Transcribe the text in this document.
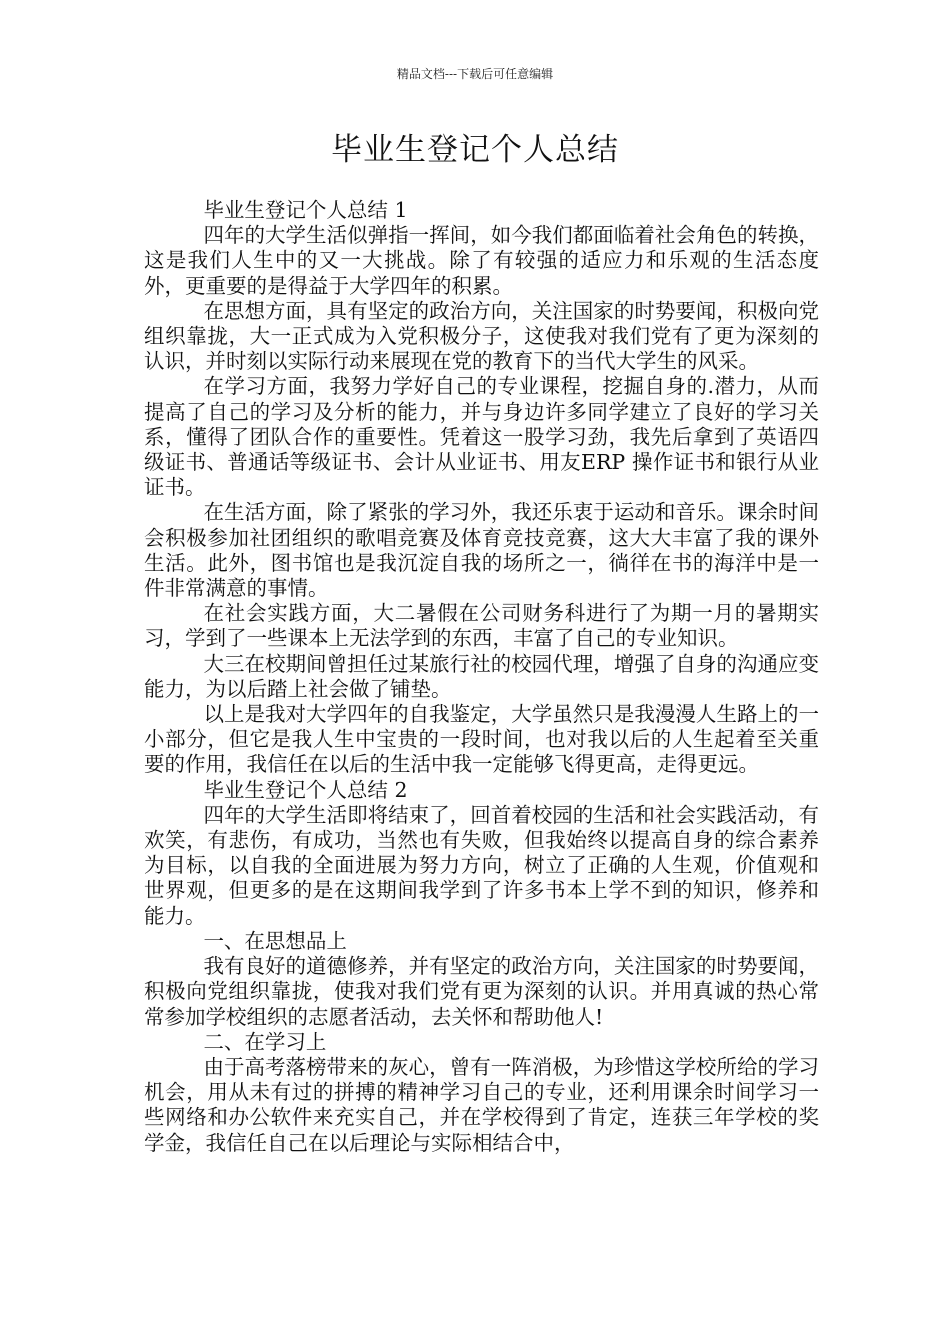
精品文档---下载后可任意编辑
毕业生登记个人总结

毕业生登记个人总结 1

四年的大学生活似弹指一挥间，如今我们都面临着社会角色的转换，这是我们人生中的又一大挑战。除了有较强的适应力和乐观的生活态度外，更重要的是得益于大学四年的积累。

在思想方面，具有坚定的政治方向，关注国家的时势要闻，积极向党组织靠拢，大一正式成为入党积极分子，这使我对我们党有了更为深刻的认识，并时刻以实际行动来展现在党的教育下的当代大学生的风采。

在学习方面，我努力学好自己的专业课程，挖掘自身的.潜力，从而提高了自己的学习及分析的能力，并与身边许多同学建立了良好的学习关系，懂得了团队合作的重要性。凭着这一股学习劲，我先后拿到了英语四级证书、普通话等级证书、会计从业证书、用友ERP 操作证书和银行从业证书。

在生活方面，除了紧张的学习外，我还乐衷于运动和音乐。课余时间会积极参加社团组织的歌唱竞赛及体育竞技竞赛，这大大丰富了我的课外生活。此外，图书馆也是我沉淀自我的场所之一，徜徉在书的海洋中是一件非常满意的事情。

在社会实践方面，大二暑假在公司财务科进行了为期一月的暑期实习，学到了一些课本上无法学到的东西，丰富了自己的专业知识。

大三在校期间曾担任过某旅行社的校园代理，增强了自身的沟通应变能力，为以后踏上社会做了铺垫。

以上是我对大学四年的自我鉴定，大学虽然只是我漫漫人生路上的一小部分，但它是我人生中宝贵的一段时间，也对我以后的人生起着至关重要的作用，我信任在以后的生活中我一定能够飞得更高，走得更远。

毕业生登记个人总结 2

四年的大学生活即将结束了，回首着校园的生活和社会实践活动，有欢笑，有悲伤，有成功，当然也有失败，但我始终以提高自身的综合素养为目标，以自我的全面进展为努力方向，树立了正确的人生观，价值观和世界观，但更多的是在这期间我学到了许多书本上学不到的知识，修养和能力。

一、在思想品上

我有良好的道德修养，并有坚定的政治方向，关注国家的时势要闻，积极向党组织靠拢，使我对我们党有更为深刻的认识。并用真诚的热心常常参加学校组织的志愿者活动，去关怀和帮助他人!

二、在学习上

由于高考落榜带来的灰心，曾有一阵消极，为珍惜这学校所给的学习机会，用从未有过的拼搏的精神学习自己的专业，还利用课余时间学习一些网络和办公软件来充实自己，并在学校得到了肯定，连获三年学校的奖学金，我信任自己在以后理论与实际相结合中，
